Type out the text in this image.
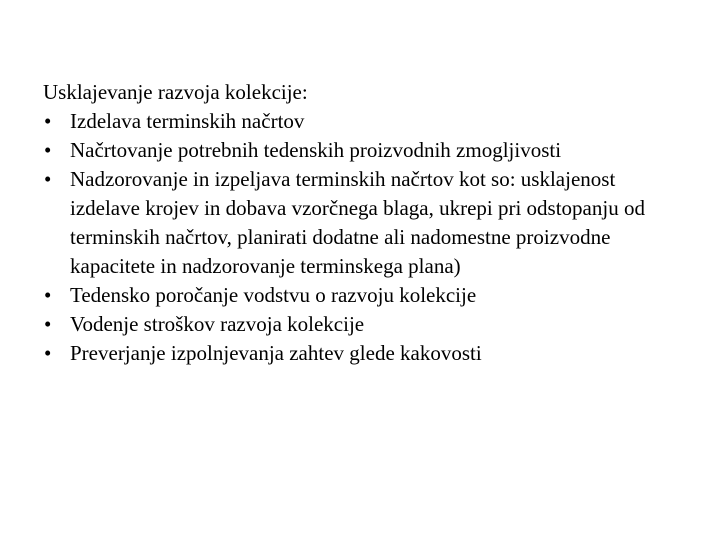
Usklajevanje razvoja kolekcije:

• Izdelava terminskih načrtov
• Načrtovanje potrebnih tedenskih proizvodnih zmogljivosti
• Nadzorovanje in izpeljava terminskih načrtov kot so: usklajenost izdelave krojev in dobava vzorčnega blaga, ukrepi pri odstopanju od terminskih načrtov, planirati dodatne ali nadomestne proizvodne kapacitete in nadzorovanje terminskega plana)
• Tedensko poročanje vodstvu o razvoju kolekcije
• Vodenje stroškov razvoja kolekcije
• Preverjanje izpolnjevanja zahtev glede kakovosti
